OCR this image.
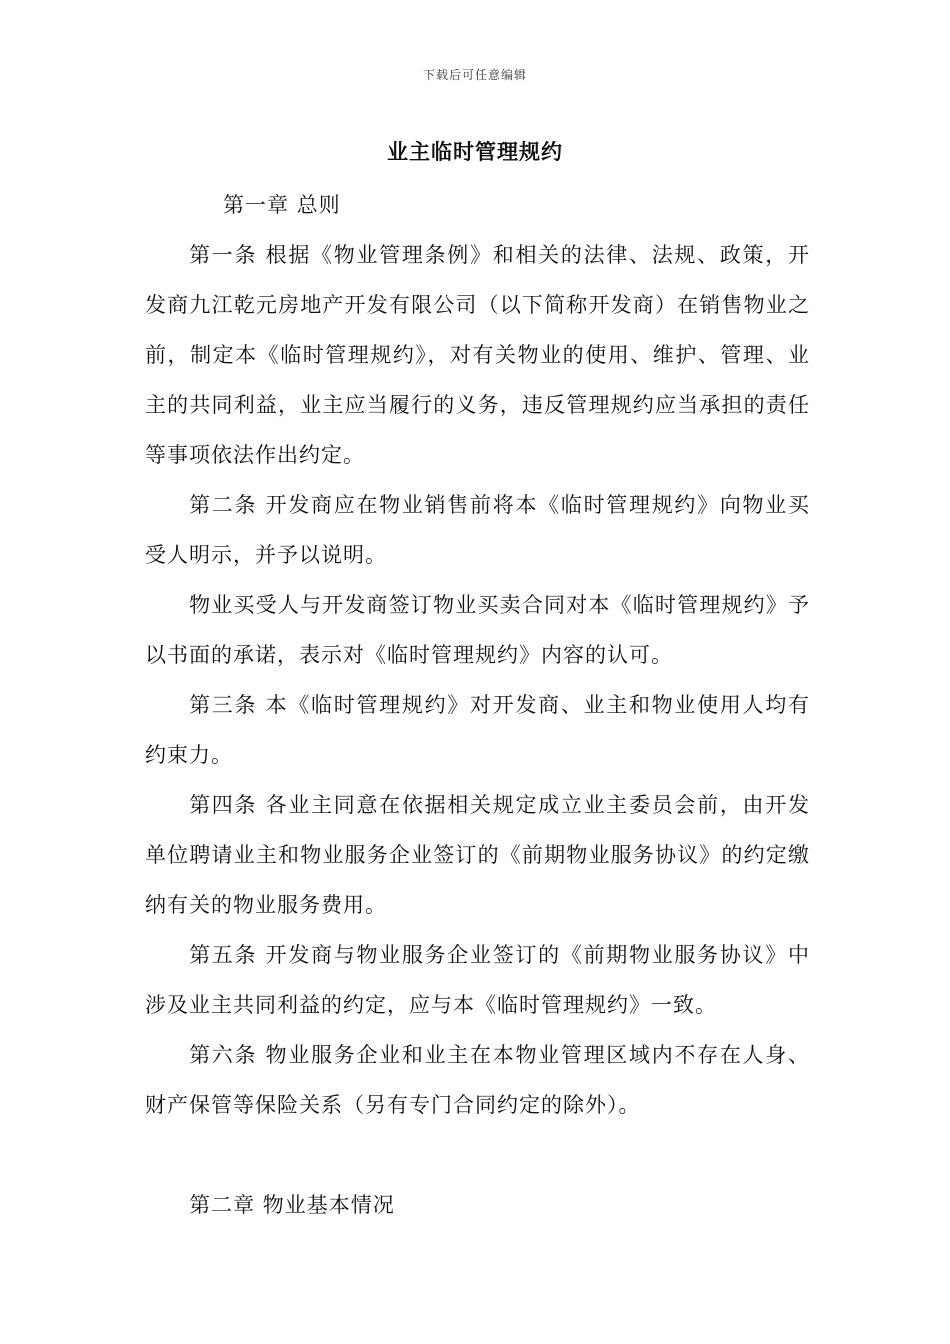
下载后可任意编辑
业主临时管理规约

第一章 总则

第一条 根据《物业管理条例》和相关的法律、法规、政策，开发商九江乾元房地产开发有限公司（以下简称开发商）在销售物业之前，制定本《临时管理规约》，对有关物业的使用、维护、管理、业主的共同利益，业主应当履行的义务，违反管理规约应当承担的责任等事项依法作出约定。

第二条 开发商应在物业销售前将本《临时管理规约》向物业买受人明示，并予以说明。

物业买受人与开发商签订物业买卖合同对本《临时管理规约》予以书面的承诺，表示对《临时管理规约》内容的认可。

第三条 本《临时管理规约》对开发商、业主和物业使用人均有约束力。

第四条 各业主同意在依据相关规定成立业主委员会前，由开发单位聘请业主和物业服务企业签订的《前期物业服务协议》的约定缴纳有关的物业服务费用。

第五条 开发商与物业服务企业签订的《前期物业服务协议》中涉及业主共同利益的约定，应与本《临时管理规约》一致。

第六条 物业服务企业和业主在本物业管理区域内不存在人身、财产保管等保险关系（另有专门合同约定的除外）。

第二章 物业基本情况
